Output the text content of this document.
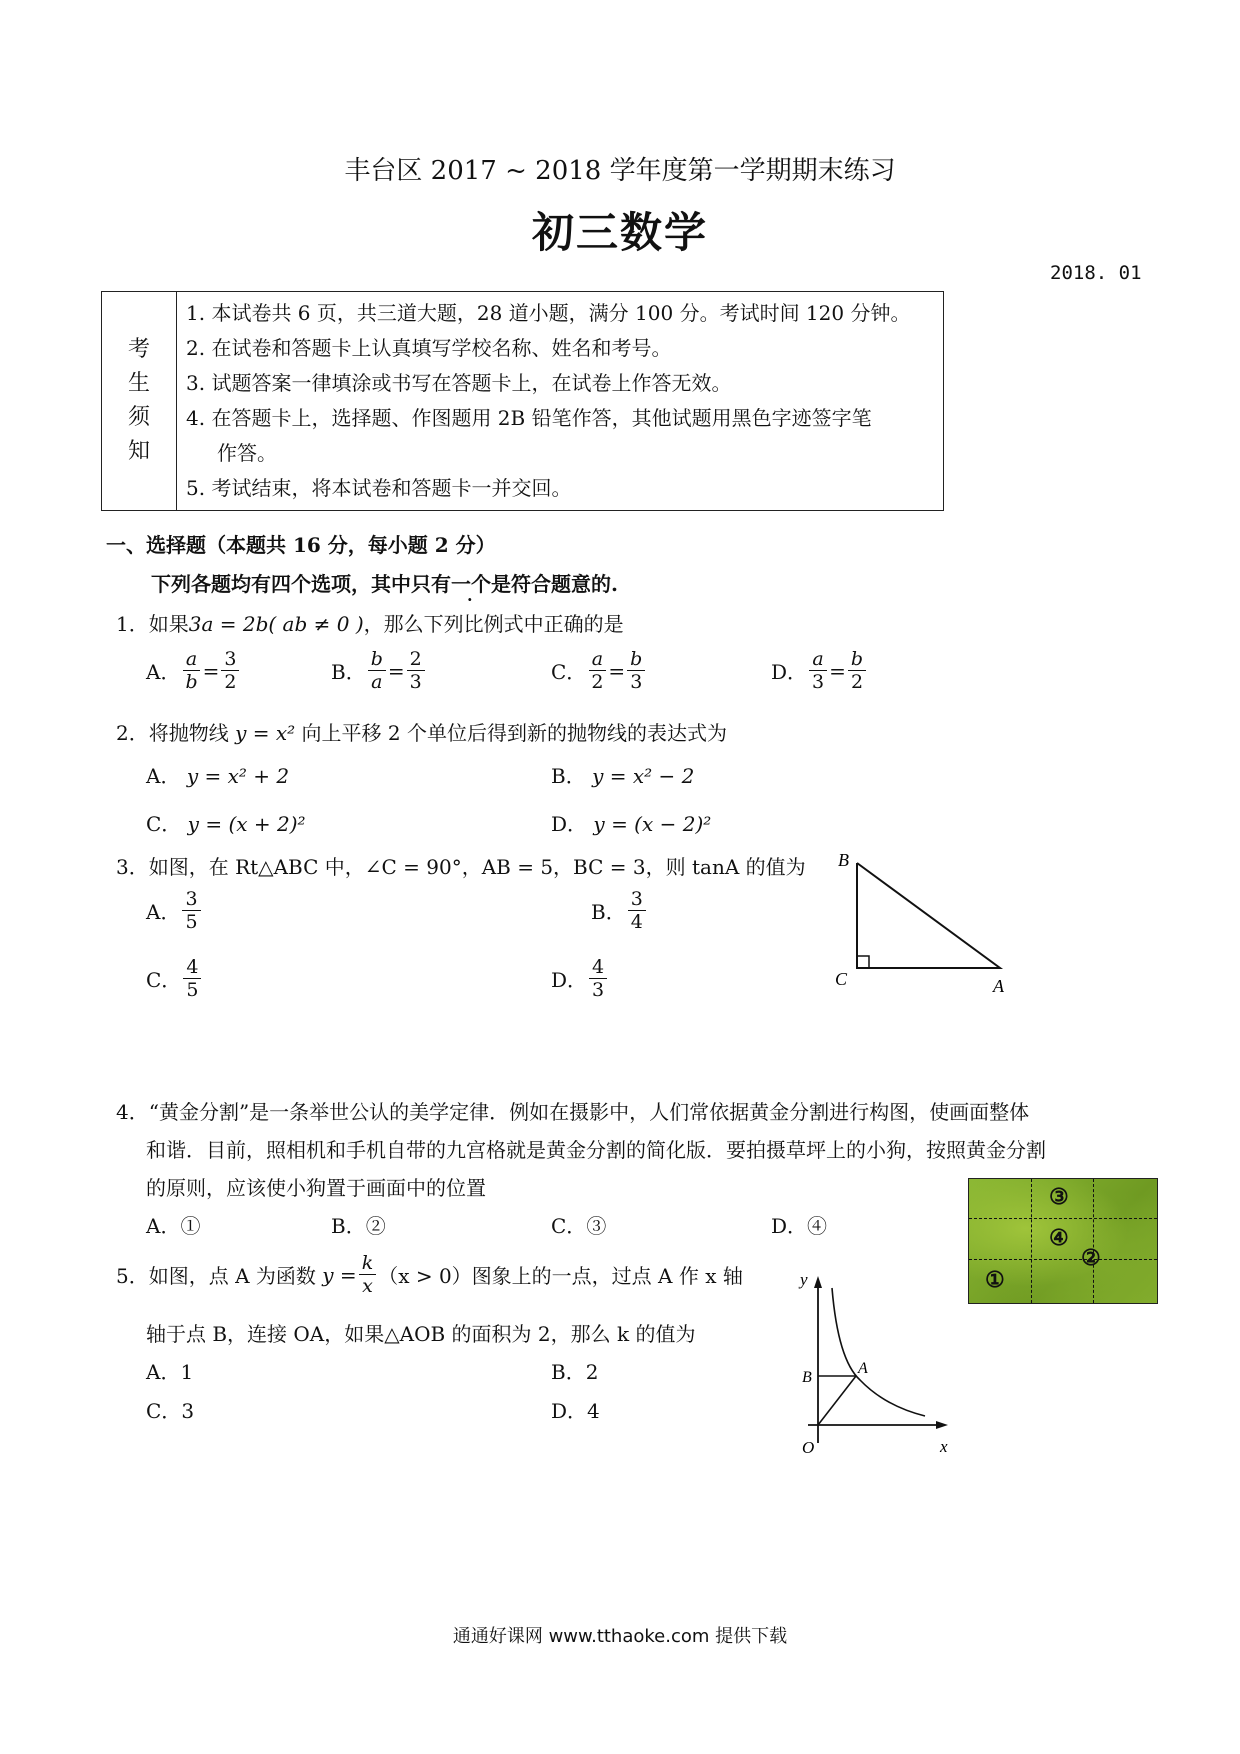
丰台区 2017 ~ 2018 学年度第一学期期末练习
初三数学
2018. 01
考
生
须
知

1. 本试卷共 6 页，共三道大题，28 道小题，满分 100 分。考试时间 120 分钟。
2. 在试卷和答题卡上认真填写学校名称、姓名和考号。
3. 试题答案一律填涂或书写在答题卡上，在试卷上作答无效。
4. 在答题卡上，选择题、作图题用 2B 铅笔作答，其他试题用黑色字迹签字笔
作答。
5. 考试结束，将本试卷和答题卡一并交回。
一、选择题（本题共 16 分，每小题 2 分）
下列各题均有四个选项，其中只有一个是符合题意的.
1．如果3a = 2b( ab ≠ 0 )，那么下列比例式中正确的是
A． $\frac{a}{b} = \frac{3}{2}$	B． $\frac{b}{a} = \frac{2}{3}$	C． $\frac{a}{2} = \frac{b}{3}$	D． $\frac{a}{3} = \frac{b}{2}$
2．将抛物线 y = x² 向上平移 2 个单位后得到新的抛物线的表达式为
A． y = x² + 2	B． y = x² − 2
C． y = (x + 2)²	D． y = (x − 2)²
3．如图，在 Rt△ABC 中，∠C = 90°，AB = 5，BC = 3，则 tanA 的值为
A． $\frac{3}{5}$	B． $\frac{3}{4}$
C． $\frac{4}{5}$	D． $\frac{4}{3}$
B
C	A
4．“黄金分割”是一条举世公认的美学定律．例如在摄影中，人们常依据黄金分割进行构图，使画面整体
和谐．目前，照相机和手机自带的九宫格就是黄金分割的简化版．要拍摄草坪上的小狗，按照黄金分割
的原则，应该使小狗置于画面中的位置
A．①	B．②	C．③	D．④
③
④
②
①
5． 如图，点 A 为函数
$y = \frac{k}{x} (x > 0)$ 图象上的一点，过点 A 作 x 轴
轴于点 B，连接 OA，如果△AOB 的面积为 2，那么 k 的值为
A．1	B．2
C．3	D．4
y
x
O
A
B
通通好课网 www.tthaoke.com 提供下载
